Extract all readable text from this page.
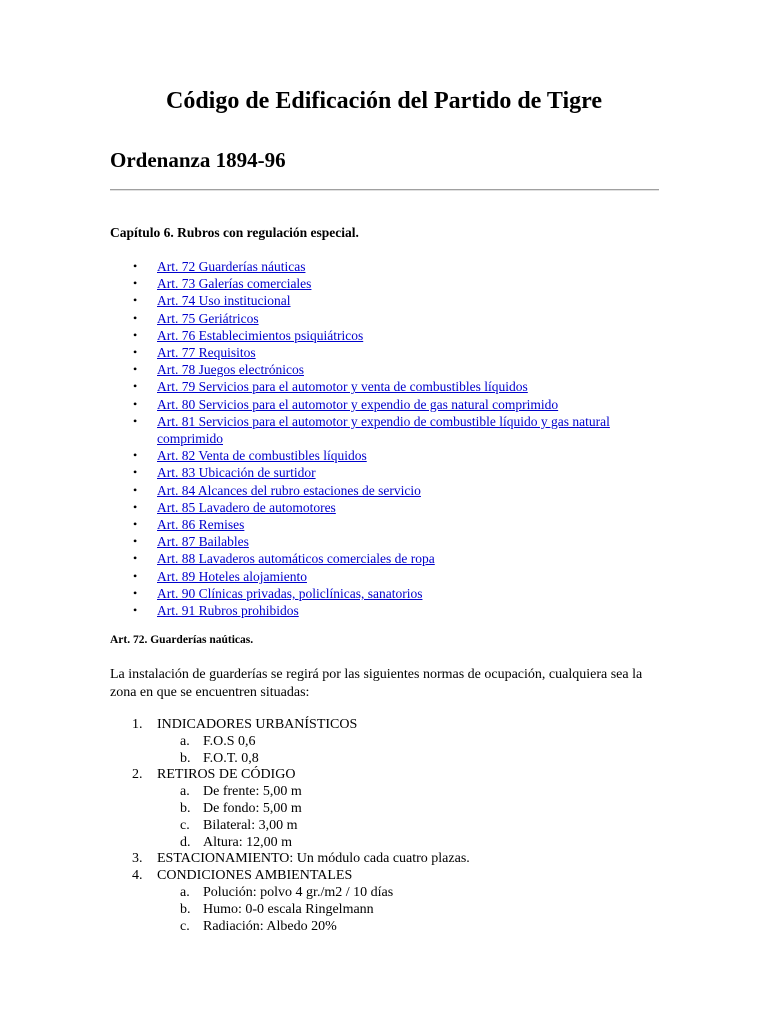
Código de Edificación del Partido de Tigre
Ordenanza 1894-96

Capítulo 6. Rubros con regulación especial.

• Art. 72 Guarderías náuticas
• Art. 73 Galerías comerciales
• Art. 74 Uso institucional
• Art. 75 Geriátricos
• Art. 76 Establecimientos psiquiátricos
• Art. 77 Requisitos
• Art. 78 Juegos electrónicos
• Art. 79 Servicios para el automotor y venta de combustibles líquidos
• Art. 80 Servicios para el automotor y expendio de gas natural comprimido
• Art. 81 Servicios para el automotor y expendio de combustible líquido y gas natural comprimido
• Art. 82 Venta de combustibles líquidos
• Art. 83 Ubicación de surtidor
• Art. 84 Alcances del rubro estaciones de servicio
• Art. 85 Lavadero de automotores
• Art. 86 Remises
• Art. 87 Bailables
• Art. 88 Lavaderos automáticos comerciales de ropa
• Art. 89 Hoteles alojamiento
• Art. 90 Clínicas privadas, policlínicas, sanatorios
• Art. 91 Rubros prohibidos

Art. 72. Guarderías naúticas.

La instalación de guarderías se regirá por las siguientes normas de ocupación, cualquiera sea la zona en que se encuentren situadas:

1. INDICADORES URBANÍSTICOS
a. F.O.S 0,6
b. F.O.T. 0,8
2. RETIROS DE CÓDIGO
a. De frente: 5,00 m
b. De fondo: 5,00 m
c. Bilateral: 3,00 m
d. Altura: 12,00 m
3. ESTACIONAMIENTO: Un módulo cada cuatro plazas.
4. CONDICIONES AMBIENTALES
a. Polución: polvo 4 gr./m2 / 10 días
b. Humo: 0-0 escala Ringelmann
c. Radiación: Albedo 20%
